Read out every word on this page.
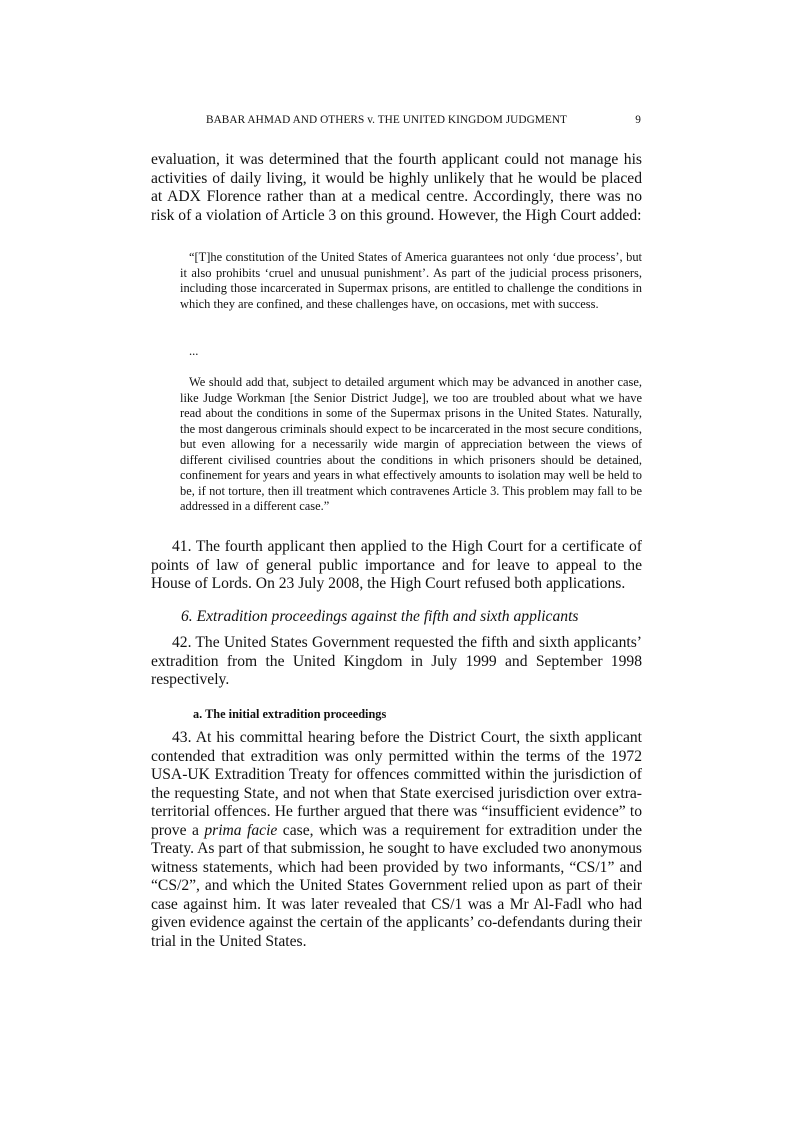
BABAR AHMAD AND OTHERS v. THE UNITED KINGDOM JUDGMENT	9

evaluation, it was determined that the fourth applicant could not manage his activities of daily living, it would be highly unlikely that he would be placed at ADX Florence rather than at a medical centre. Accordingly, there was no risk of a violation of Article 3 on this ground. However, the High Court added:

“[T]he constitution of the United States of America guarantees not only ‘due process’, but it also prohibits ‘cruel and unusual punishment’. As part of the judicial process prisoners, including those incarcerated in Supermax prisons, are entitled to challenge the conditions in which they are confined, and these challenges have, on occasions, met with success.

...

We should add that, subject to detailed argument which may be advanced in another case, like Judge Workman [the Senior District Judge], we too are troubled about what we have read about the conditions in some of the Supermax prisons in the United States. Naturally, the most dangerous criminals should expect to be incarcerated in the most secure conditions, but even allowing for a necessarily wide margin of appreciation between the views of different civilised countries about the conditions in which prisoners should be detained, confinement for years and years in what effectively amounts to isolation may well be held to be, if not torture, then ill treatment which contravenes Article 3. This problem may fall to be addressed in a different case.”

41. The fourth applicant then applied to the High Court for a certificate of points of law of general public importance and for leave to appeal to the House of Lords. On 23 July 2008, the High Court refused both applications.

6. Extradition proceedings against the fifth and sixth applicants

42. The United States Government requested the fifth and sixth applicants’ extradition from the United Kingdom in July 1999 and September 1998 respectively.

a. The initial extradition proceedings

43. At his committal hearing before the District Court, the sixth applicant contended that extradition was only permitted within the terms of the 1972 USA-UK Extradition Treaty for offences committed within the jurisdiction of the requesting State, and not when that State exercised jurisdiction over extra-territorial offences. He further argued that there was “insufficient evidence” to prove a prima facie case, which was a requirement for extradition under the Treaty. As part of that submission, he sought to have excluded two anonymous witness statements, which had been provided by two informants, “CS/1” and “CS/2”, and which the United States Government relied upon as part of their case against him. It was later revealed that CS/1 was a Mr Al-Fadl who had given evidence against the certain of the applicants’ co-defendants during their trial in the United States.
